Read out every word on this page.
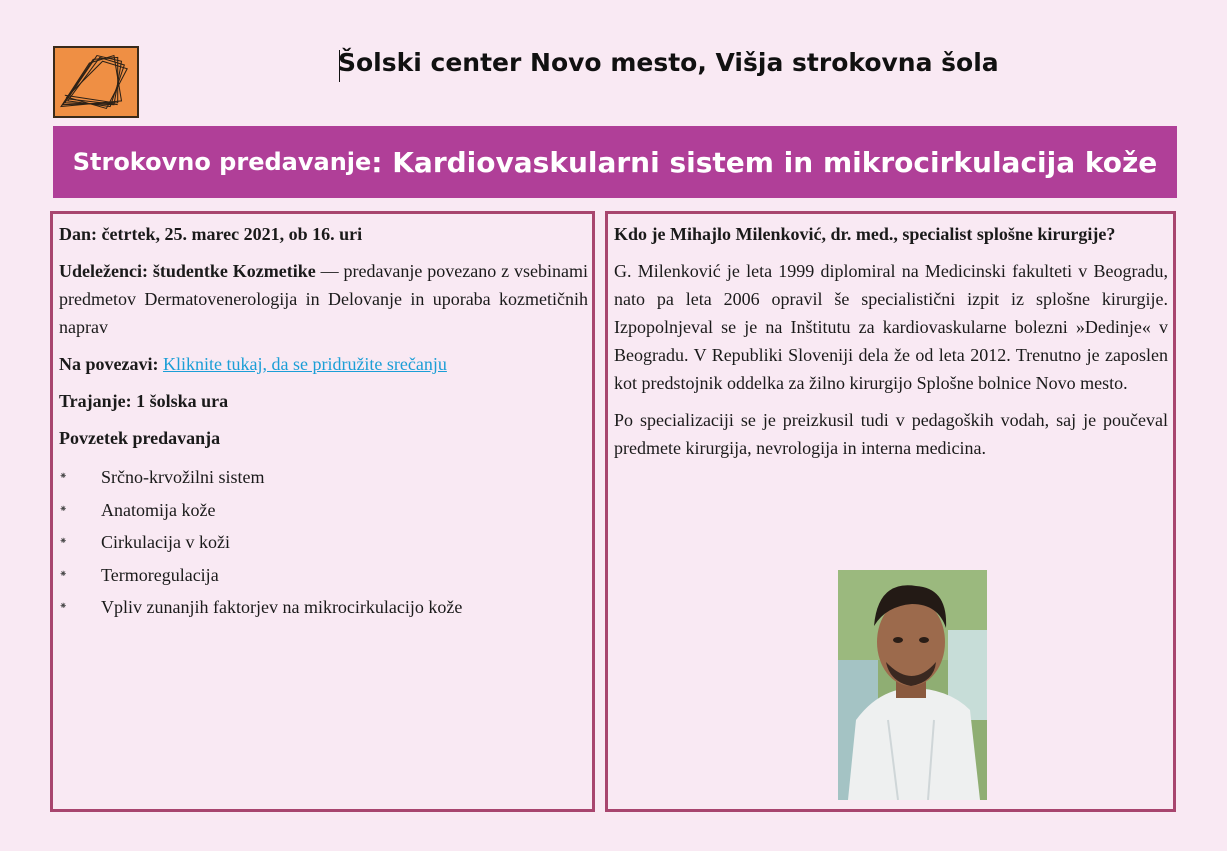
Šolski center Novo mesto, Višja strokovna šola
Strokovno predavanje : Kardiovaskularni sistem in mikrocirkulacija kože

Dan: četrtek, 25. marec 2021, ob 16. uri

Udeleženci: študentke Kozmetike — predavanje povezano z vsebinami predmetov Dermatovenerologija in Delovanje in uporaba kozmetičnih naprav

Na povezavi: Kliknite tukaj, da se pridružite srečanju

Trajanje: 1 šolska ura

Povzetek predavanja

⁕ Srčno-krvožilni sistem
⁕ Anatomija kože
⁕ Cirkulacija v koži
⁕ Termoregulacija
⁕ Vpliv zunanjih faktorjev na mikrocirkulacijo kože

Kdo je Mihajlo Milenković, dr. med., specialist splošne kirurgije?

G. Milenković je leta 1999 diplomiral na Medicinski fakulteti v Beogradu, nato pa leta 2006 opravil še specialistični izpit iz splošne kirurgije. Izpopolnjeval se je na Inštitutu za kardiovaskularne bolezni »Dedinje« v Beogradu. V Republiki Sloveniji dela že od leta 2012. Trenutno je zaposlen kot predstojnik oddelka za žilno kirurgijo Splošne bolnice Novo mesto.

Po specializaciji se je preizkusil tudi v pedagoških vodah, saj je poučeval predmete kirurgija, nevrologija in interna medicina.
